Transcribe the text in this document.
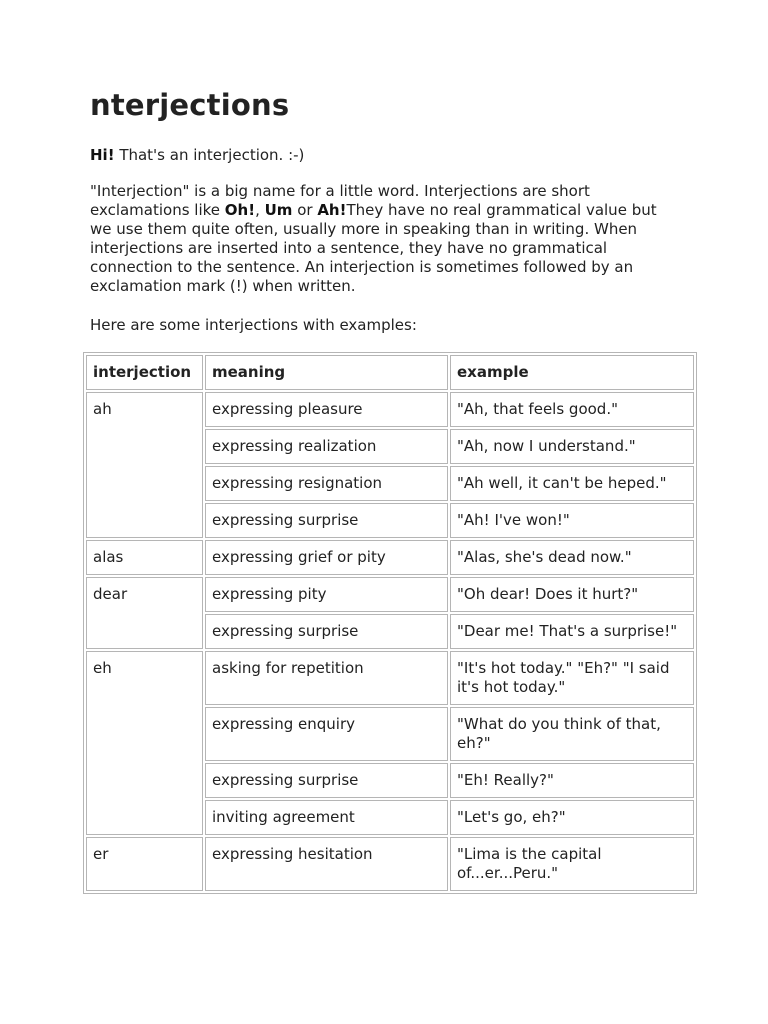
nterjections

Hi! That's an interjection. :-)

"Interjection" is a big name for a little word. Interjections are short exclamations like Oh!, Um or Ah!They have no real grammatical value but we use them quite often, usually more in speaking than in writing. When interjections are inserted into a sentence, they have no grammatical connection to the sentence. An interjection is sometimes followed by an exclamation mark (!) when written.

Here are some interjections with examples:

interjection	meaning	example
ah	expressing pleasure	"Ah, that feels good."
	expressing realization	"Ah, now I understand."
	expressing resignation	"Ah well, it can't be heped."
	expressing surprise	"Ah! I've won!"
alas	expressing grief or pity	"Alas, she's dead now."
dear	expressing pity	"Oh dear! Does it hurt?"
	expressing surprise	"Dear me! That's a surprise!"
eh	asking for repetition	"It's hot today." "Eh?" "I said it's hot today."
	expressing enquiry	"What do you think of that, eh?"
	expressing surprise	"Eh! Really?"
	inviting agreement	"Let's go, eh?"
er	expressing hesitation	"Lima is the capital of...er...Peru."
